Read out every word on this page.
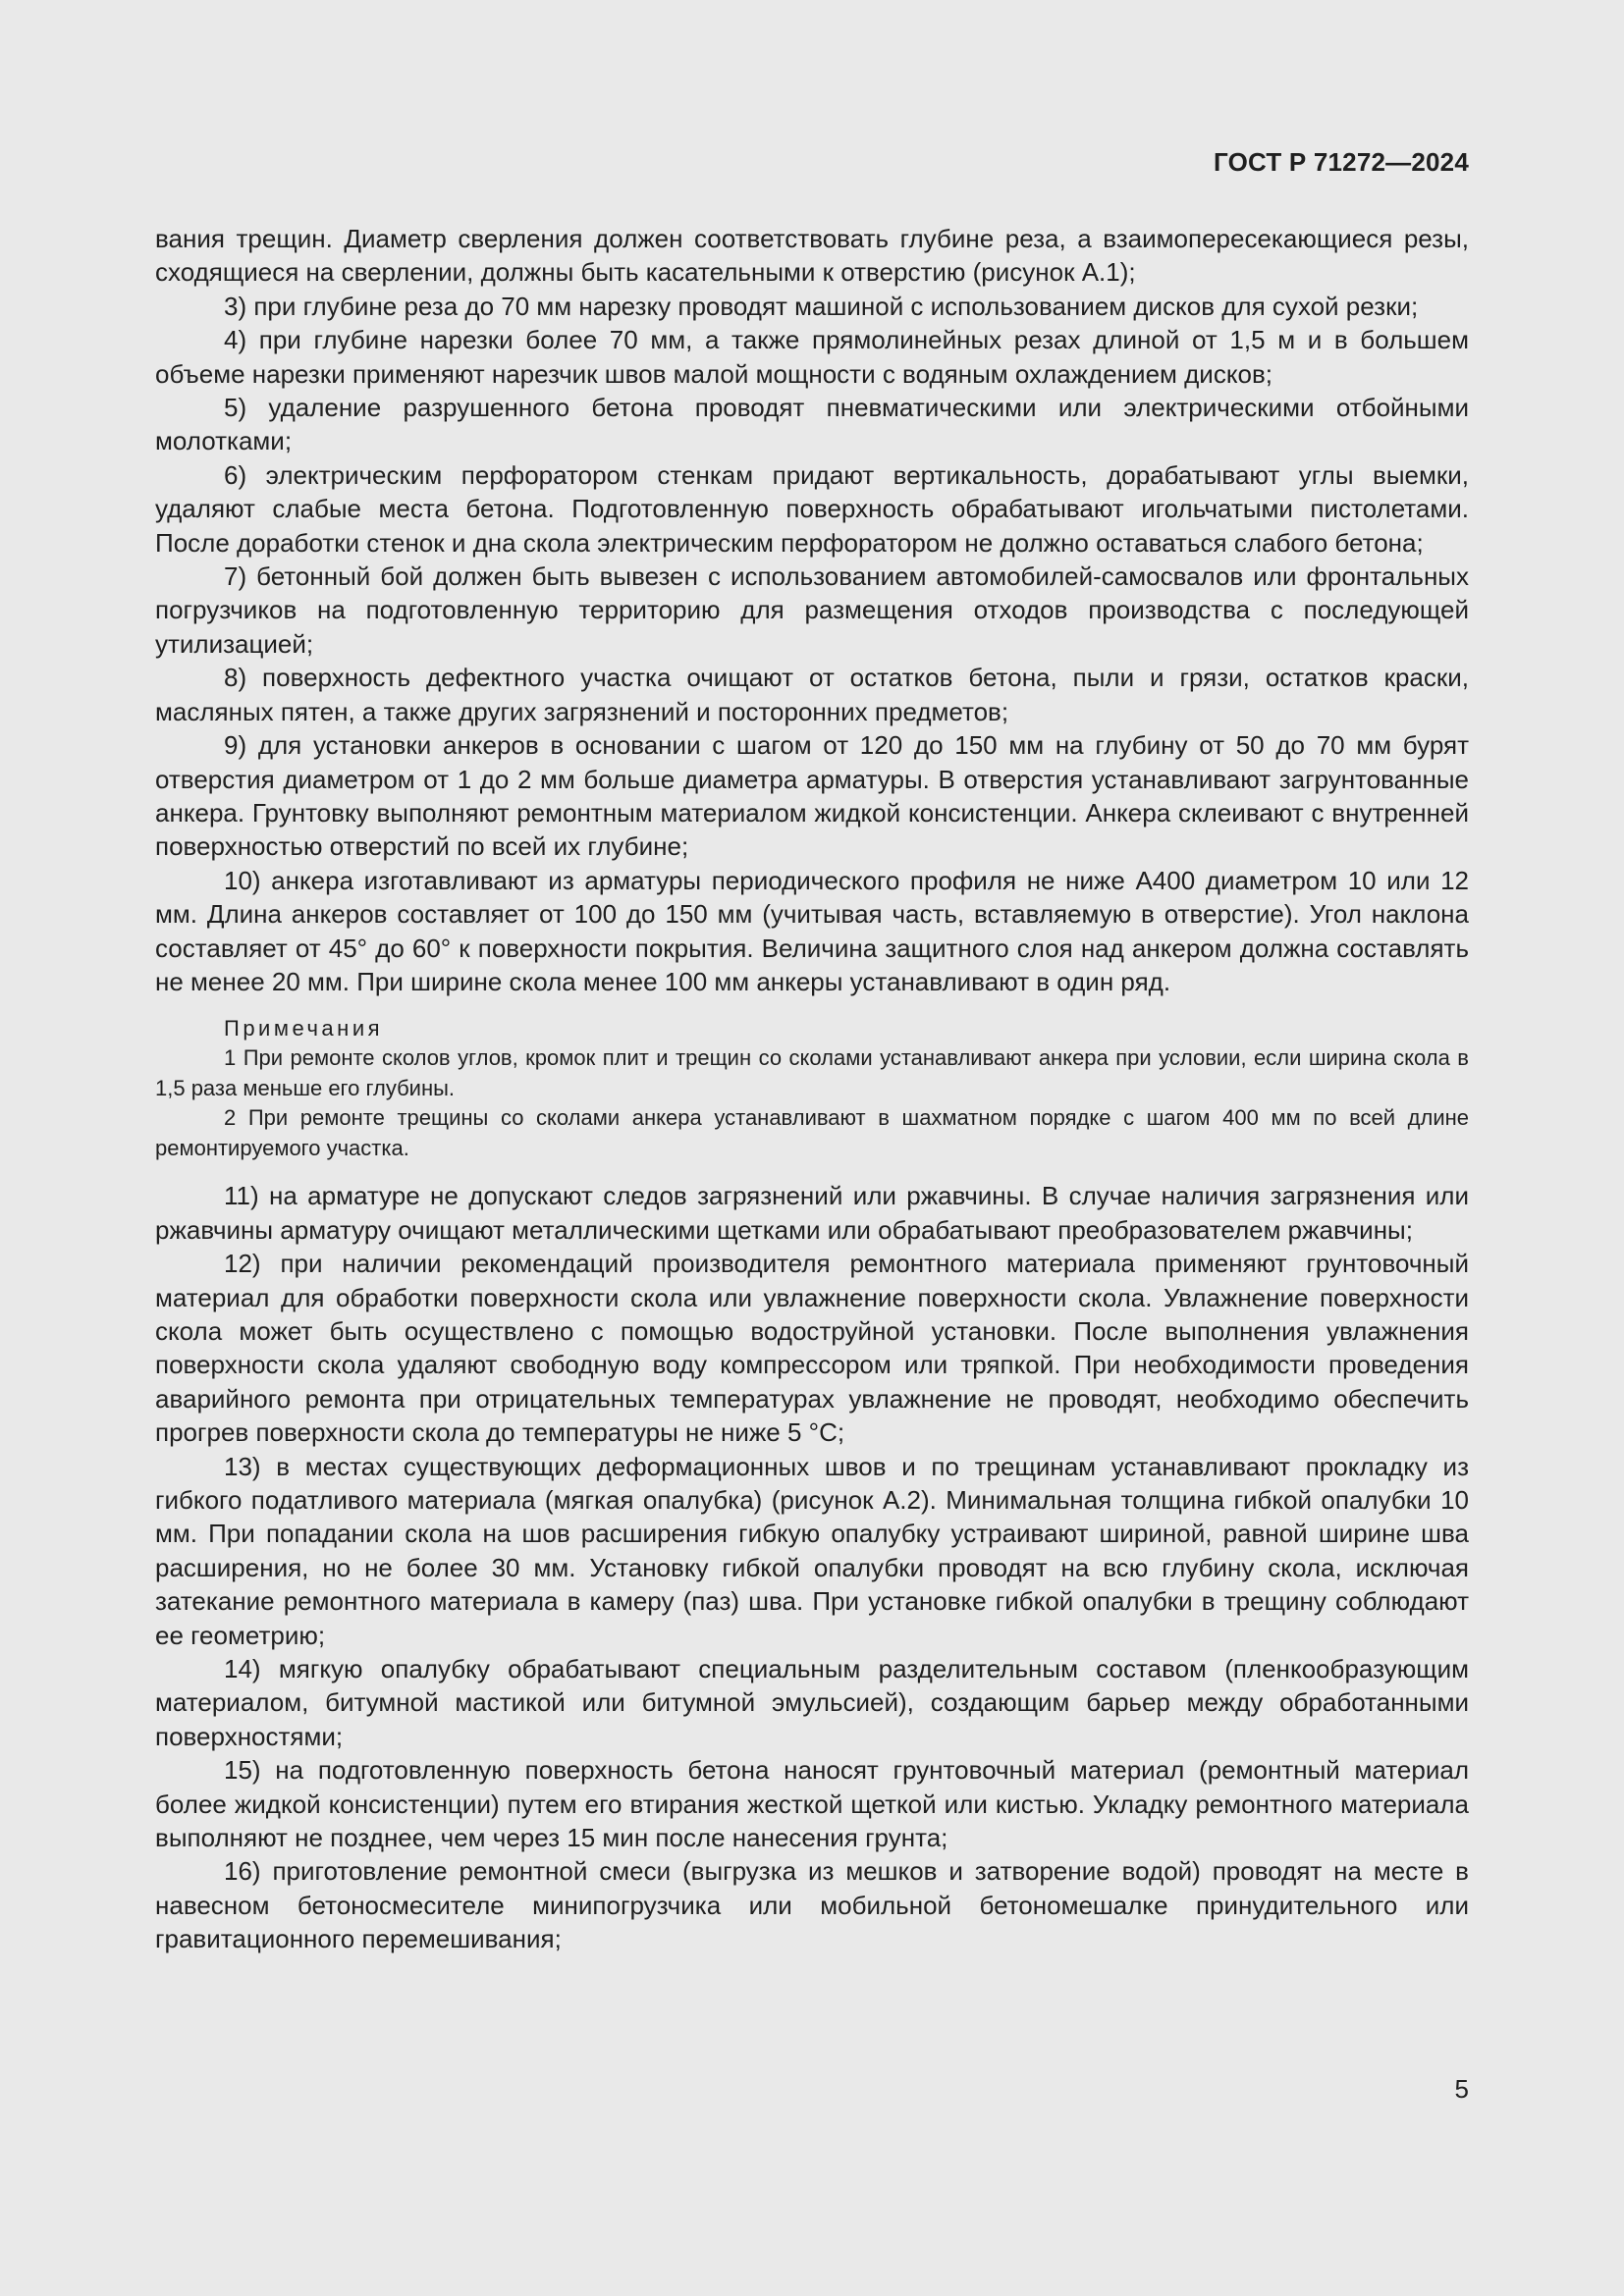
ГОСТ Р 71272—2024

вания трещин. Диаметр сверления должен соответствовать глубине реза, а взаимопересекающиеся резы, сходящиеся на сверлении, должны быть касательными к отверстию (рисунок А.1);

3) при глубине реза до 70 мм нарезку проводят машиной с использованием дисков для сухой резки;

4) при глубине нарезки более 70 мм, а также прямолинейных резах длиной от 1,5 м и в большем объеме нарезки применяют нарезчик швов малой мощности с водяным охлаждением дисков;

5) удаление разрушенного бетона проводят пневматическими или электрическими отбойными молотками;

6) электрическим перфоратором стенкам придают вертикальность, дорабатывают углы выемки, удаляют слабые места бетона. Подготовленную поверхность обрабатывают игольчатыми пистолетами. После доработки стенок и дна скола электрическим перфоратором не должно оставаться слабого бетона;

7) бетонный бой должен быть вывезен с использованием автомобилей-самосвалов или фронтальных погрузчиков на подготовленную территорию для размещения отходов производства с последующей утилизацией;

8) поверхность дефектного участка очищают от остатков бетона, пыли и грязи, остатков краски, масляных пятен, а также других загрязнений и посторонних предметов;

9) для установки анкеров в основании с шагом от 120 до 150 мм на глубину от 50 до 70 мм бурят отверстия диаметром от 1 до 2 мм больше диаметра арматуры. В отверстия устанавливают загрунтованные анкера. Грунтовку выполняют ремонтным материалом жидкой консистенции. Анкера склеивают с внутренней поверхностью отверстий по всей их глубине;

10) анкера изготавливают из арматуры периодического профиля не ниже А400 диаметром 10 или 12 мм. Длина анкеров составляет от 100 до 150 мм (учитывая часть, вставляемую в отверстие). Угол наклона составляет от 45° до 60° к поверхности покрытия. Величина защитного слоя над анкером должна составлять не менее 20 мм. При ширине скола менее 100 мм анкеры устанавливают в один ряд.

Примечания

1 При ремонте сколов углов, кромок плит и трещин со сколами устанавливают анкера при условии, если ширина скола в 1,5 раза меньше его глубины.

2 При ремонте трещины со сколами анкера устанавливают в шахматном порядке с шагом 400 мм по всей длине ремонтируемого участка.

11) на арматуре не допускают следов загрязнений или ржавчины. В случае наличия загрязнения или ржавчины арматуру очищают металлическими щетками или обрабатывают преобразователем ржавчины;

12) при наличии рекомендаций производителя ремонтного материала применяют грунтовочный материал для обработки поверхности скола или увлажнение поверхности скола. Увлажнение поверхности скола может быть осуществлено с помощью водоструйной установки. После выполнения увлажнения поверхности скола удаляют свободную воду компрессором или тряпкой. При необходимости проведения аварийного ремонта при отрицательных температурах увлажнение не проводят, необходимо обеспечить прогрев поверхности скола до температуры не ниже 5 °С;

13) в местах существующих деформационных швов и по трещинам устанавливают прокладку из гибкого податливого материала (мягкая опалубка) (рисунок А.2). Минимальная толщина гибкой опалубки 10 мм. При попадании скола на шов расширения гибкую опалубку устраивают шириной, равной ширине шва расширения, но не более 30 мм. Установку гибкой опалубки проводят на всю глубину скола, исключая затекание ремонтного материала в камеру (паз) шва. При установке гибкой опалубки в трещину соблюдают ее геометрию;

14) мягкую опалубку обрабатывают специальным разделительным составом (пленкообразующим материалом, битумной мастикой или битумной эмульсией), создающим барьер между обработанными поверхностями;

15) на подготовленную поверхность бетона наносят грунтовочный материал (ремонтный материал более жидкой консистенции) путем его втирания жесткой щеткой или кистью. Укладку ремонтного материала выполняют не позднее, чем через 15 мин после нанесения грунта;

16) приготовление ремонтной смеси (выгрузка из мешков и затворение водой) проводят на месте в навесном бетоносмесителе минипогрузчика или мобильной бетономешалке принудительного или гравитационного перемешивания;

5
